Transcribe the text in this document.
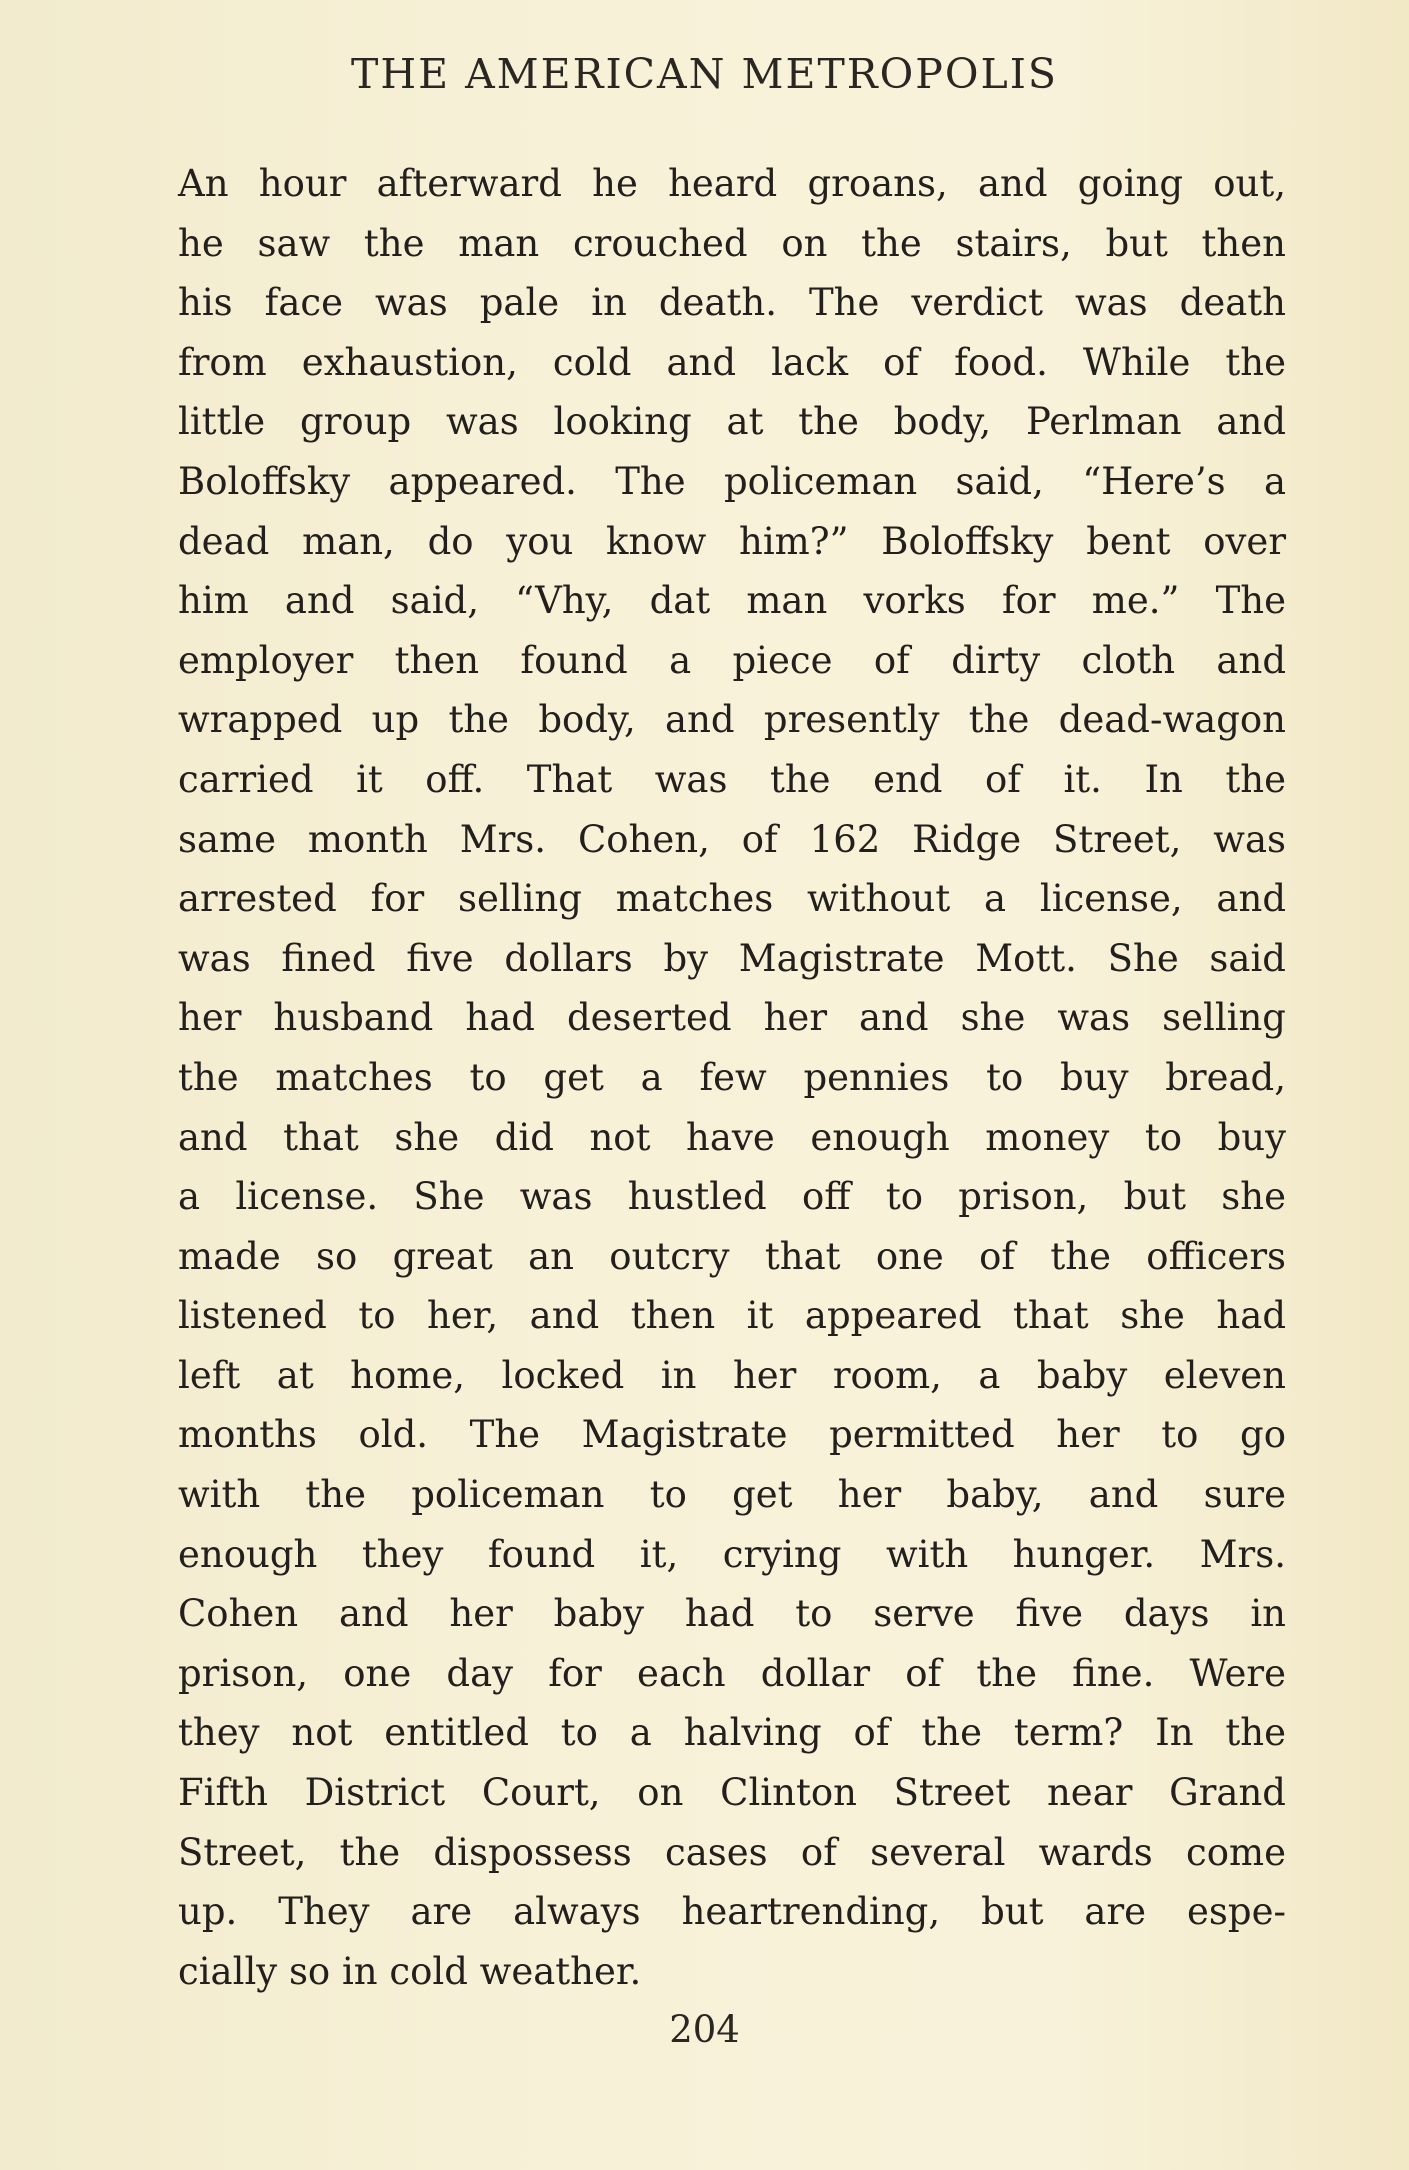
THE AMERICAN METROPOLIS
An hour afterward he heard groans, and going out,
he saw the man crouched on the stairs, but then
his face was pale in death. The verdict was death
from exhaustion, cold and lack of food. While the
little group was looking at the body, Perlman and
Boloffsky appeared. The policeman said, “Here’s a
dead man, do you know him?” Boloffsky bent over
him and said, “Vhy, dat man vorks for me.” The
employer then found a piece of dirty cloth and
wrapped up the body, and presently the dead-wagon
carried it off. That was the end of it. In the
same month Mrs. Cohen, of 162 Ridge Street, was
arrested for selling matches without a license, and
was fined five dollars by Magistrate Mott. She said
her husband had deserted her and she was selling
the matches to get a few pennies to buy bread,
and that she did not have enough money to buy
a license. She was hustled off to prison, but she
made so great an outcry that one of the officers
listened to her, and then it appeared that she had
left at home, locked in her room, a baby eleven
months old. The Magistrate permitted her to go
with the policeman to get her baby, and sure
enough they found it, crying with hunger. Mrs.
Cohen and her baby had to serve five days in
prison, one day for each dollar of the fine. Were
they not entitled to a halving of the term? In the
Fifth District Court, on Clinton Street near Grand
Street, the dispossess cases of several wards come
up. They are always heartrending, but are espe-
cially so in cold weather.
204
